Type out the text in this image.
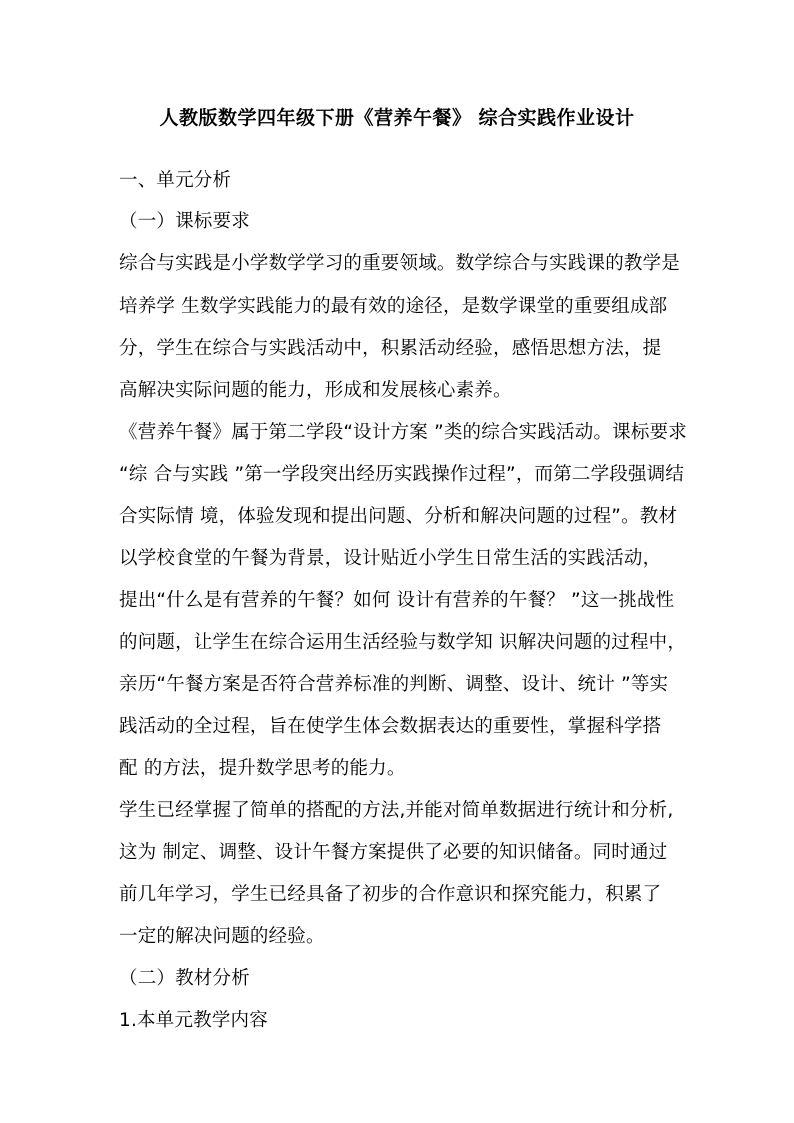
人教版数学四年级下册《营养午餐》 综合实践作业设计
一、单元分析
（一）课标要求
综合与实践是小学数学学习的重要领域。数学综合与实践课的教学是
培养学 生数学实践能力的最有效的途径，是数学课堂的重要组成部
分，学生在综合与实践活动中，积累活动经验，感悟思想方法，提
高解决实际问题的能力，形成和发展核心素养。
《营养午餐》属于第二学段“设计方案 ”类的综合实践活动。课标要求
“综 合与实践 ”第一学段突出经历实践操作过程”，而第二学段强调结
合实际情 境，体验发现和提出问题、分析和解决问题的过程”。教材
以学校食堂的午餐为背景，设计贴近小学生日常生活的实践活动，
提出“什么是有营养的午餐？如何 设计有营养的午餐？ ”这一挑战性
的问题，让学生在综合运用生活经验与数学知 识解决问题的过程中，
亲历“午餐方案是否符合营养标准的判断、调整、设计、统计 ”等实
践活动的全过程，旨在使学生体会数据表达的重要性，掌握科学搭
配 的方法，提升数学思考的能力。
学生已经掌握了简单的搭配的方法,并能对简单数据进行统计和分析,
这为 制定、调整、设计午餐方案提供了必要的知识储备。同时通过
前几年学习，学生已经具备了初步的合作意识和探究能力，积累了
一定的解决问题的经验。
（二）教材分析
1.本单元教学内容
